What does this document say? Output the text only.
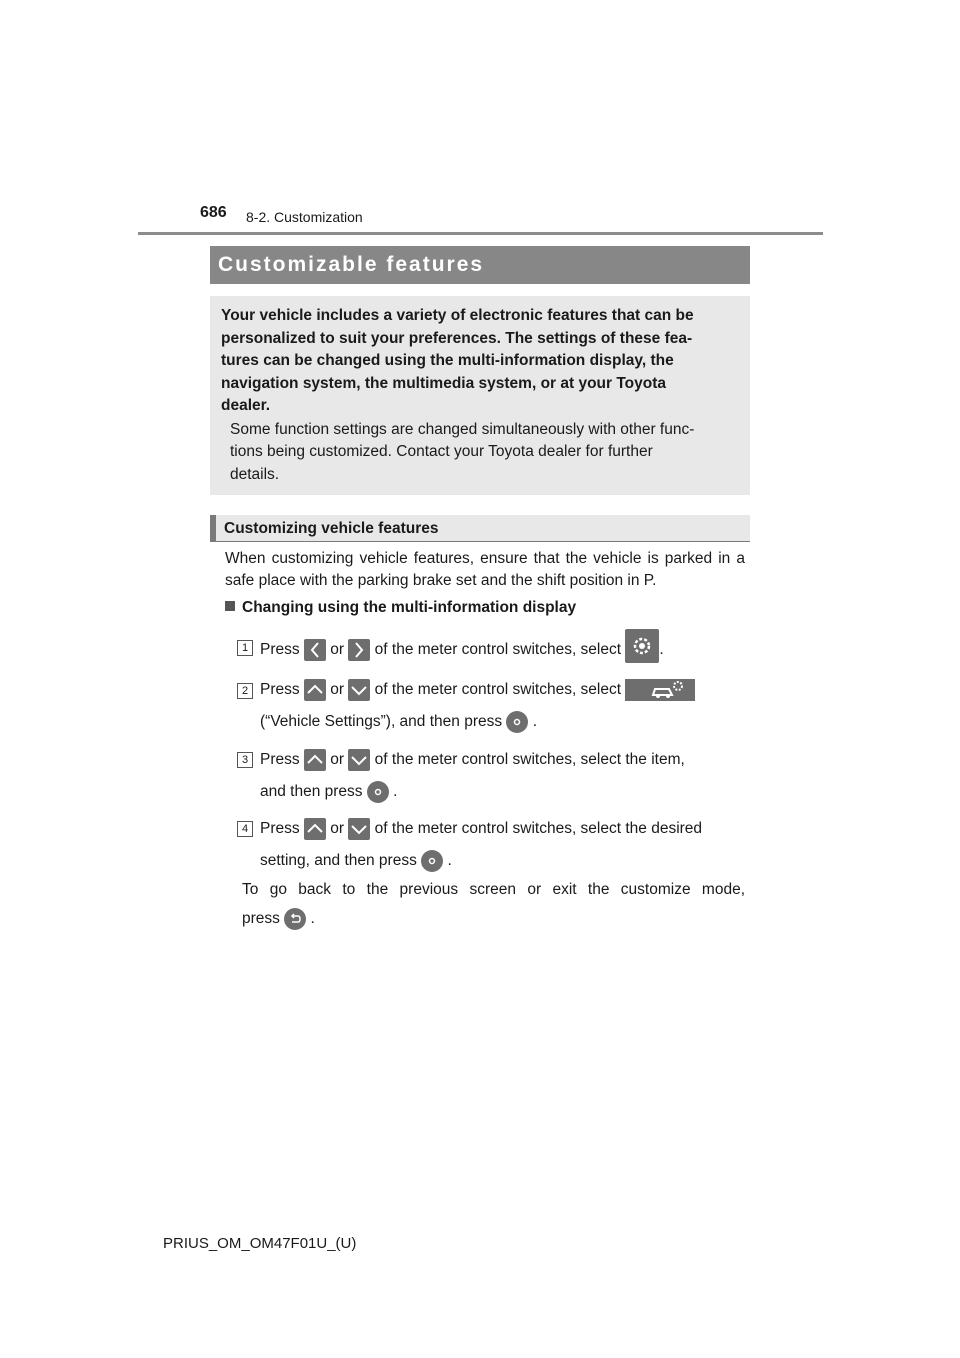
686 8-2. Customization
Customizable features
Your vehicle includes a variety of electronic features that can be
personalized to suit your preferences. The settings of these fea-
tures can be changed using the multi-information display, the
navigation system, the multimedia system, or at your Toyota
dealer.
Some function settings are changed simultaneously with other func-
tions being customized. Contact your Toyota dealer for further
details.
Customizing vehicle features
When customizing vehicle features, ensure that the vehicle is parked in a safe place with the parking brake set and the shift position in P.
Changing using the multi-information display
1 Press or of the meter control switches, select .
2 Press or of the meter control switches, select
(“Vehicle Settings”), and then press .
3 Press or of the meter control switches, select the item,
and then press .
4 Press or of the meter control switches, select the desired
setting, and then press .
To go back to the previous screen or exit the customize mode,
press .
PRIUS_OM_OM47F01U_(U)
